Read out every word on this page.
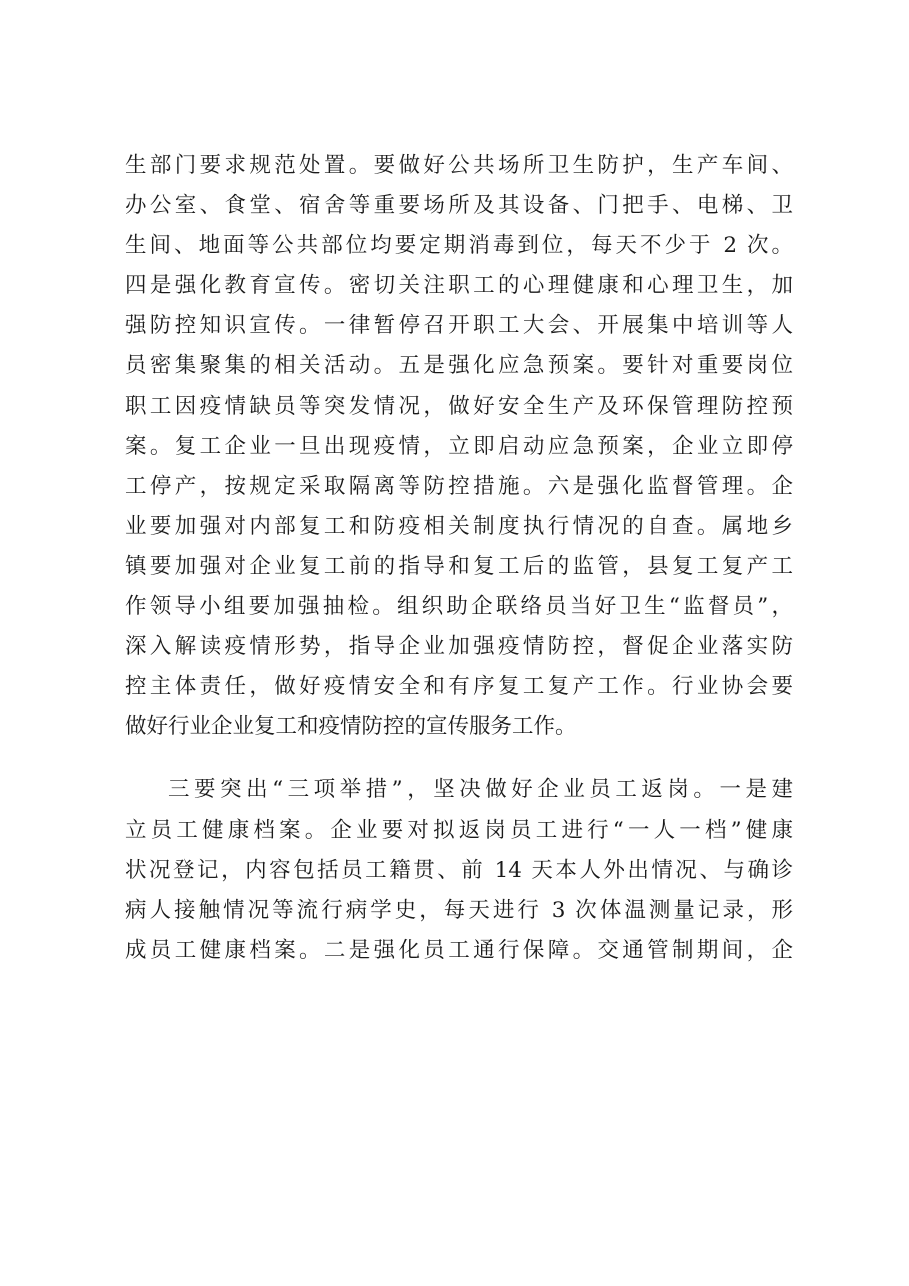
生部门要求规范处置。要做好公共场所卫生防护，生产车间、
办公室、食堂、宿舍等重要场所及其设备、门把手、电梯、卫
生间、地面等公共部位均要定期消毒到位，每天不少于 2 次。
四是强化教育宣传。密切关注职工的心理健康和心理卫生，加
强防控知识宣传。一律暂停召开职工大会、开展集中培训等人
员密集聚集的相关活动。五是强化应急预案。要针对重要岗位
职工因疫情缺员等突发情况，做好安全生产及环保管理防控预
案。复工企业一旦出现疫情，立即启动应急预案，企业立即停
工停产，按规定采取隔离等防控措施。六是强化监督管理。企
业要加强对内部复工和防疫相关制度执行情况的自查。属地乡
镇要加强对企业复工前的指导和复工后的监管，县复工复产工
作领导小组要加强抽检。组织助企联络员当好卫生“监督员”，
深入解读疫情形势，指导企业加强疫情防控，督促企业落实防
控主体责任，做好疫情安全和有序复工复产工作。行业协会要
做好行业企业复工和疫情防控的宣传服务工作。
三要突出“三项举措”，坚决做好企业员工返岗。一是建
立员工健康档案。企业要对拟返岗员工进行“一人一档”健康
状况登记，内容包括员工籍贯、前 14 天本人外出情况、与确诊
病人接触情况等流行病学史，每天进行 3 次体温测量记录，形
成员工健康档案。二是强化员工通行保障。交通管制期间，企
